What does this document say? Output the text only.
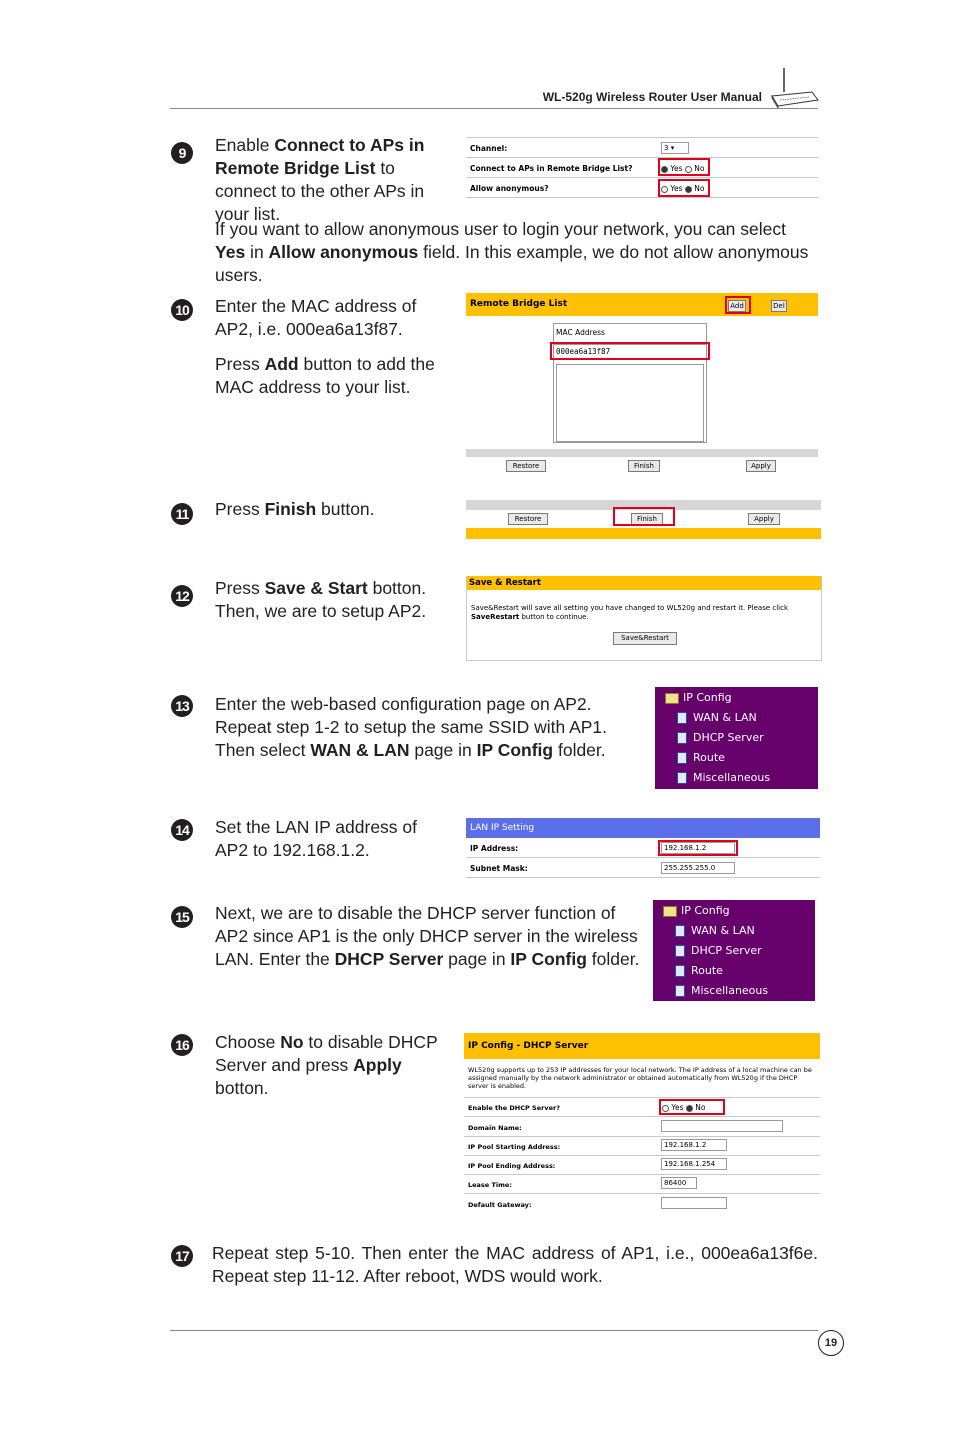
WL-520g Wireless Router User Manual
9	Enable Connect to APs in Remote Bridge List to connect to the other APs in your list.
If you want to allow anonymous user to login your network, you can select Yes in Allow anonymous field. In this example, we do not allow anonymous users.
Channel:	3 ▾
Connect to APs in Remote Bridge List?	Yes No
Allow anonymous?	Yes No
10 Enter the MAC address of AP2, i.e. 000ea6a13f87.

Press Add button to add the MAC address to your list.

Remote Bridge List	Add	Del
MAC Address
000ea6a13f87
Restore	Finish	Apply
11 Press Finish button.	Restore	Finish	Apply
12 Press Save & Start botton. Then, we are to setup AP2.
Save & Restart
Save&Restart will save all setting you have changed to WL520g and restart it. Please click
SaveRestart button to continue.
Save&Restart
13 Enter the web-based configuration page on AP2. Repeat step 1-2 to setup the same SSID with AP1. Then select WAN & LAN page in IP Config folder.
IP Config
WAN & LAN
DHCP Server
Route
Miscellaneous
14 Set the LAN IP address of AP2 to 192.168.1.2.
LAN IP Setting
IP Address:	192.168.1.2
Subnet Mask:	255.255.255.0
15 Next, we are to disable the DHCP server function of AP2 since AP1 is the only DHCP server in the wireless LAN. Enter the DHCP Server page in IP Config folder.
IP Config
WAN & LAN
DHCP Server
Route
Miscellaneous
16 Choose No to disable DHCP Server and press Apply botton.
IP Config - DHCP Server
WL520g supports up to 253 IP addresses for your local network. The IP address of a local machine can be assigned manually by the network administrator or obtained automatically from WL520g if the DHCP server is enabled.
Enable the DHCP Server?	Yes No
Domain Name:
IP Pool Starting Address:	192.168.1.2
IP Pool Ending Address:	192.168.1.254
Lease Time:	86400
Default Gateway:
17 Repeat step 5-10. Then enter the MAC address of AP1, i.e., 000ea6a13f6e. Repeat step 11-12. After reboot, WDS would work.
19
